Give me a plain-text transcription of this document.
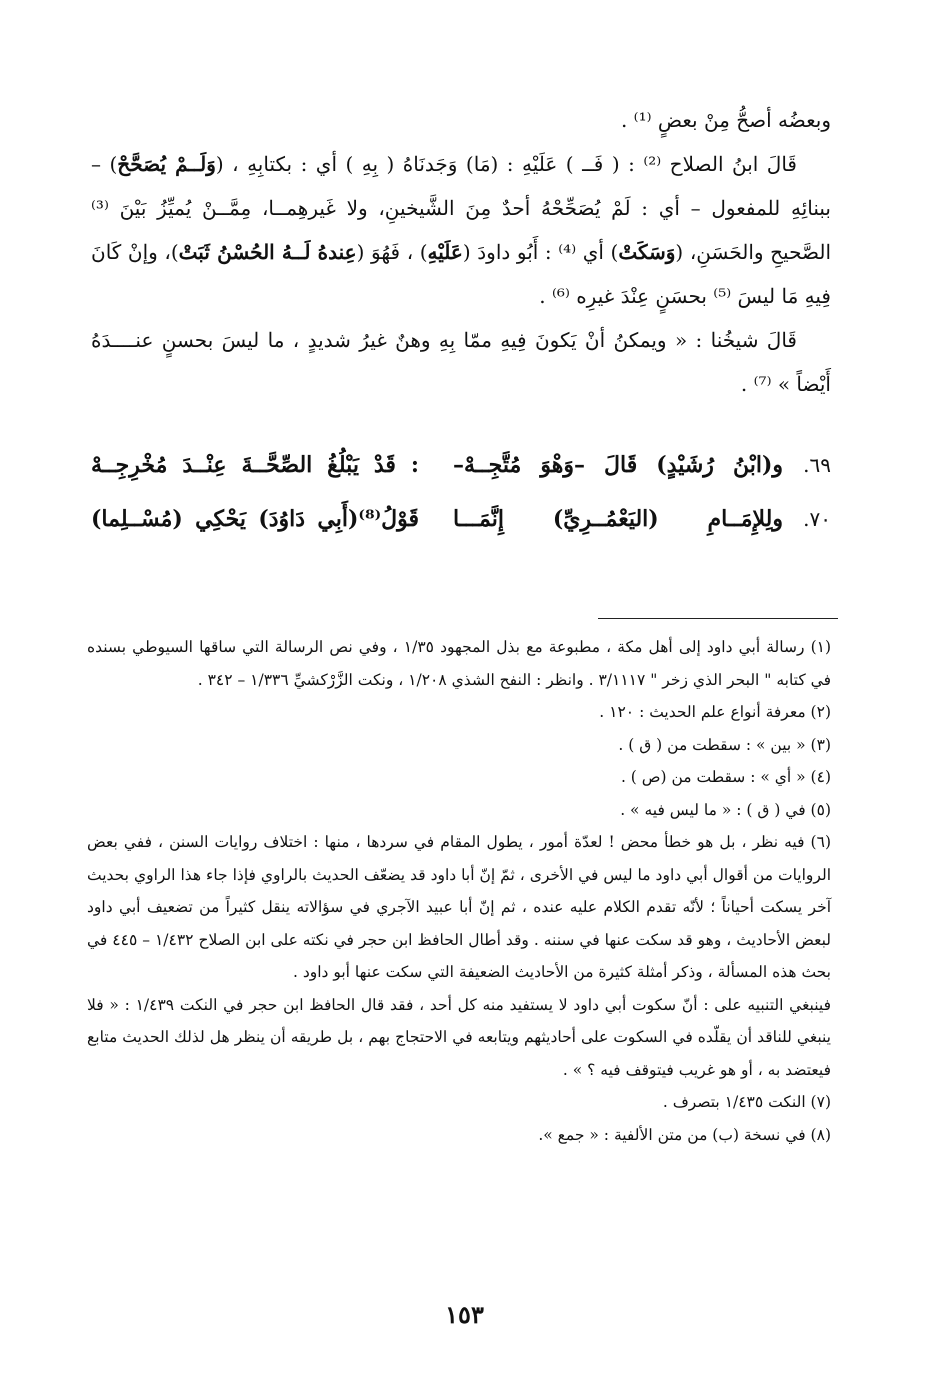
وبعضُه أصحُّ مِنْ بعضٍ ⁽¹⁾ .

قَالَ ابنُ الصلاح ⁽²⁾ : ( فَــ ) عَلَيْهِ : (مَا) وَجَدنَاهُ ( بِهِ ) أي : بكتابِهِ ، (وَلَــمْ يُصَحَّحْ) – ببنائِهِ للمفعول – أي : لَمْ يُصَحِّحْهُ أحدٌ مِنَ الشَّيخينِ، ولا غَيرهِمــا، مِمَّــنْ يُميِّزُ بَيْنَ ⁽³⁾ الصَّحيحِ والحَسَنِ، (وَسَكَتْ) أي ⁽⁴⁾ : أَبُو داودَ (عَلَيْهِ) ، فَهُوَ (عِندهُ لَــهُ الحُسْنُ ثَبَتْ)، وإنْ كَانَ فِيهِ مَا ليسَ ⁽⁵⁾ بحسَنٍ عِنْدَ غيرِه ⁽⁶⁾ .

قَالَ شيخُنا : « ويمكنُ أنْ يَكونَ فِيهِ ممّا بِهِ وهنٌ غيرُ شديدٍ ، ما ليسَ بحسنٍ عنــــدَهُ أَيْضاً » ⁽⁷⁾ .

٦٩.
و(ابْنُ رُشَيْدٍ) قَالَ –وَهْوَ مُتَّجِــهْ–
: قَدْ يَبْلُغُ الصِّحَّــةَ عِنْــدَ مُخْرِجِــهْ
٧٠.
ولِلإِمَــامِ (اليَعْمُــرِيِّ) إِنَّمَـــا
قَوْلُ⁽⁸⁾(أَبِي دَاوُدَ) يَحْكِي (مُسْــلِما)

(١) رسالة أبي داود إلى أهل مكة ، مطبوعة مع بذل المجهود ١/٣٥ ، وفي نص الرسالة التي ساقها السيوطي بسنده في كتابه " البحر الذي زخر " ٣/١١١٧ . وانظر : النفح الشذي ١/٢٠٨ ، ونكت الزَّرْكشيِّ ١/٣٣٦ – ٣٤٢ .

(٢) معرفة أنواع علم الحديث : ١٢٠ .

(٣) « بين » : سقطت من ( ق ) .

(٤) « أي » : سقطت من (ص ) .

(٥) في ( ق ) : « ما ليس فيه » .

(٦) فيه نظر ، بل هو خطأ محض ! لعدّة أمور ، يطول المقام في سردها ، منها : اختلاف روايات السنن ، ففي بعض الروايات من أقوال أبي داود ما ليس في الأخرى ، ثمّ إنّ أبا داود قد يضعّف الحديث بالراوي فإذا جاء هذا الراوي بحديث آخر يسكت أحياناً ؛ لأنّه تقدم الكلام عليه عنده ، ثم إنّ أبا عبيد الآجري في سؤالاته ينقل كثيراً من تضعيف أبي داود لبعض الأحاديث ، وهو قد سكت عنها في سننه . وقد أطال الحافظ ابن حجر في نكته على ابن الصلاح ١/٤٣٢ – ٤٤٥ في بحث هذه المسألة ، وذكر أمثلة كثيرة من الأحاديث الضعيفة التي سكت عنها أبو داود .

فينبغي التنبيه على : أنّ سكوت أبي داود لا يستفيد منه كل أحد ، فقد قال الحافظ ابن حجر في النكت ١/٤٣٩ : « فلا ينبغي للناقد أن يقلّده في السكوت على أحاديثهم ويتابعه في الاحتجاج بهم ، بل طريقه أن ينظر هل لذلك الحديث متابع فيعتضد به ، أو هو غريب فيتوقف فيه ؟ » .

(٧) النكت ١/٤٣٥ بتصرف .

(٨) في نسخة (ب) من متن الألفية : « جمع ».

١٥٣
